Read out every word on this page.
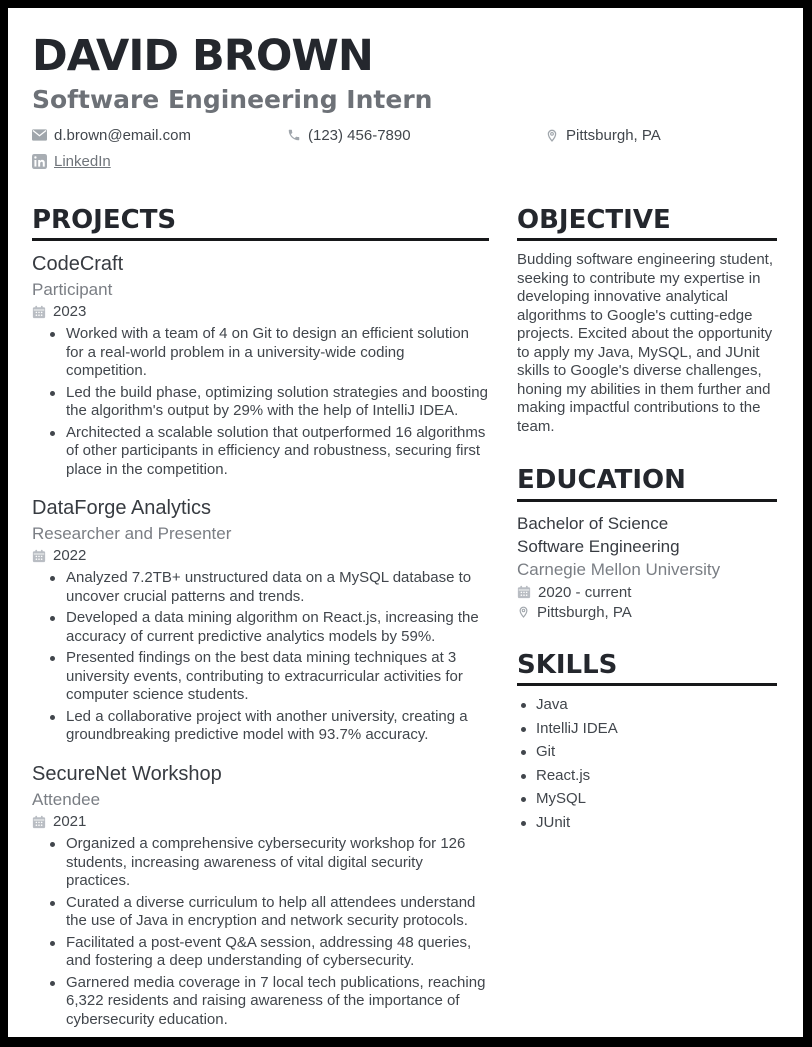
DAVID BROWN
Software Engineering Intern
d.brown@email.com	(123) 456-7890	Pittsburgh, PA
LinkedIn
PROJECTS
CodeCraft
Participant
2023
Worked with a team of 4 on Git to design an efficient solution for a real-world problem in a university-wide coding competition.
Led the build phase, optimizing solution strategies and boosting the algorithm's output by 29% with the help of IntelliJ IDEA.
Architected a scalable solution that outperformed 16 algorithms of other participants in efficiency and robustness, securing first place in the competition.
DataForge Analytics
Researcher and Presenter
2022
Analyzed 7.2TB+ unstructured data on a MySQL database to uncover crucial patterns and trends.
Developed a data mining algorithm on React.js, increasing the accuracy of current predictive analytics models by 59%.
Presented findings on the best data mining techniques at 3 university events, contributing to extracurricular activities for computer science students.
Led a collaborative project with another university, creating a groundbreaking predictive model with 93.7% accuracy.
SecureNet Workshop
Attendee
2021
Organized a comprehensive cybersecurity workshop for 126 students, increasing awareness of vital digital security practices.
Curated a diverse curriculum to help all attendees understand the use of Java in encryption and network security protocols.
Facilitated a post-event Q&A session, addressing 48 queries, and fostering a deep understanding of cybersecurity.
Garnered media coverage in 7 local tech publications, reaching 6,322 residents and raising awareness of the importance of cybersecurity education.
OBJECTIVE

Budding software engineering student, seeking to contribute my expertise in developing innovative analytical algorithms to Google's cutting-edge projects. Excited about the opportunity to apply my Java, MySQL, and JUnit skills to Google's diverse challenges, honing my abilities in them further and making impactful contributions to the team.

EDUCATION
Bachelor of Science
Software Engineering
Carnegie Mellon University
2020 - current
Pittsburgh, PA
SKILLS
Java
IntelliJ IDEA
Git
React.js
MySQL
JUnit
